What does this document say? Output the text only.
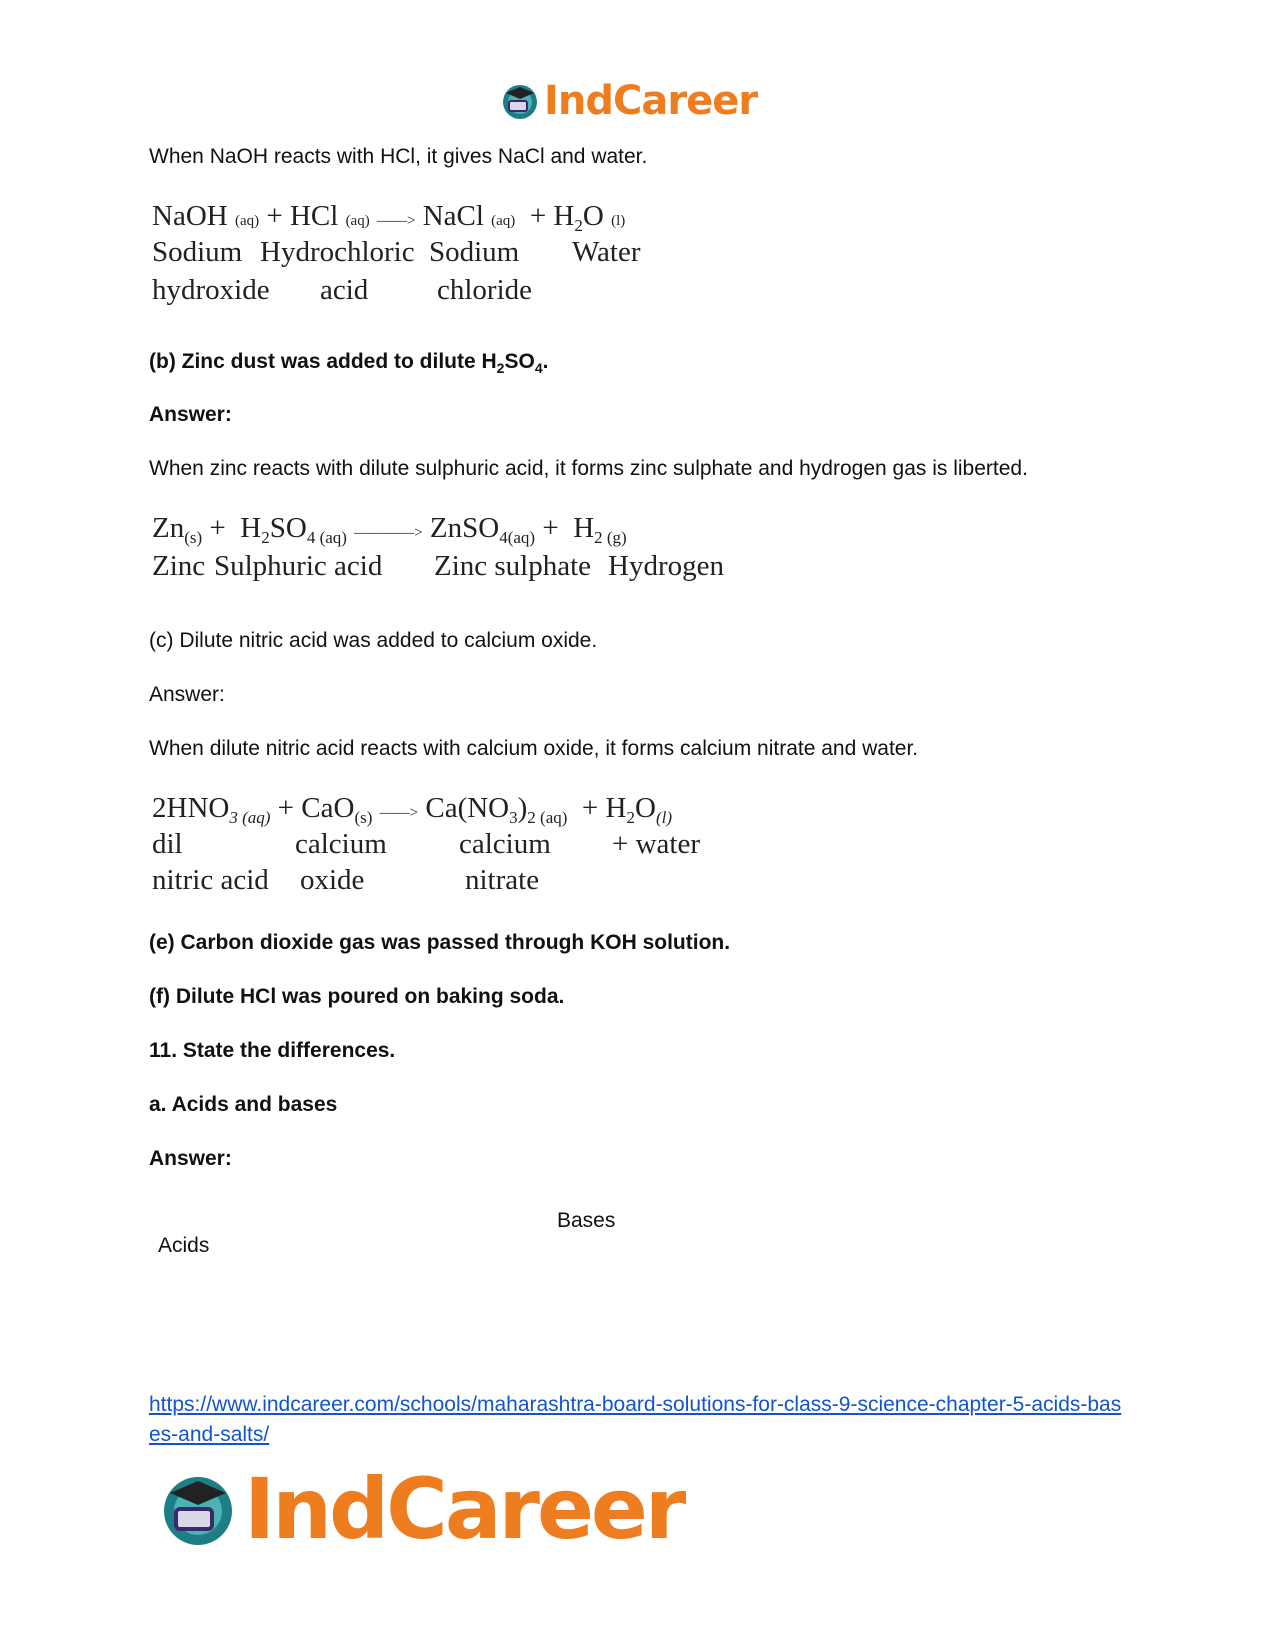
IndCareer
When NaOH reacts with HCl, it gives NaCl and water.
NaOH (aq) + HCl (aq) ——> NaCl $(aq) + H_2O$ (l)
Sodium Hydrochloric Sodium Water
hydroxide acid chloride
(b) Zinc dust was added to dilute $H_2SO_4$.
Answer:
When zinc reacts with dilute sulphuric acid, it forms zinc sulphate and hydrogen gas is liberted.
$Zn_{(s)} + H_2SO_{4 (aq)}$ ————> ZnSO$_{4(aq)}$ + $H_{2 (g)}$
Zinc Sulphuric acid Zinc sulphate Hydrogen
(c) Dilute nitric acid was added to calcium oxide.
Answer:
When dilute nitric acid reacts with calcium oxide, it forms calcium nitrate and water.
$2HNO_{3 (aq)} + CaO_{(s)}$ ——> $Ca(NO_3)_{2 (aq)} + H_2O_{(l)}$
dil	calcium calcium + water
nitric acid oxide	nitrate
(e) Carbon dioxide gas was passed through KOH solution.
(f) Dilute HCl was poured on baking soda.
11. State the differences.
a. Acids and bases
Answer:
Bases
Acids
https://www.indcareer.com/schools/maharashtra-board-solutions-for-class-9-science-chapter-5-acids-bases-and-salts/
IndCareer
